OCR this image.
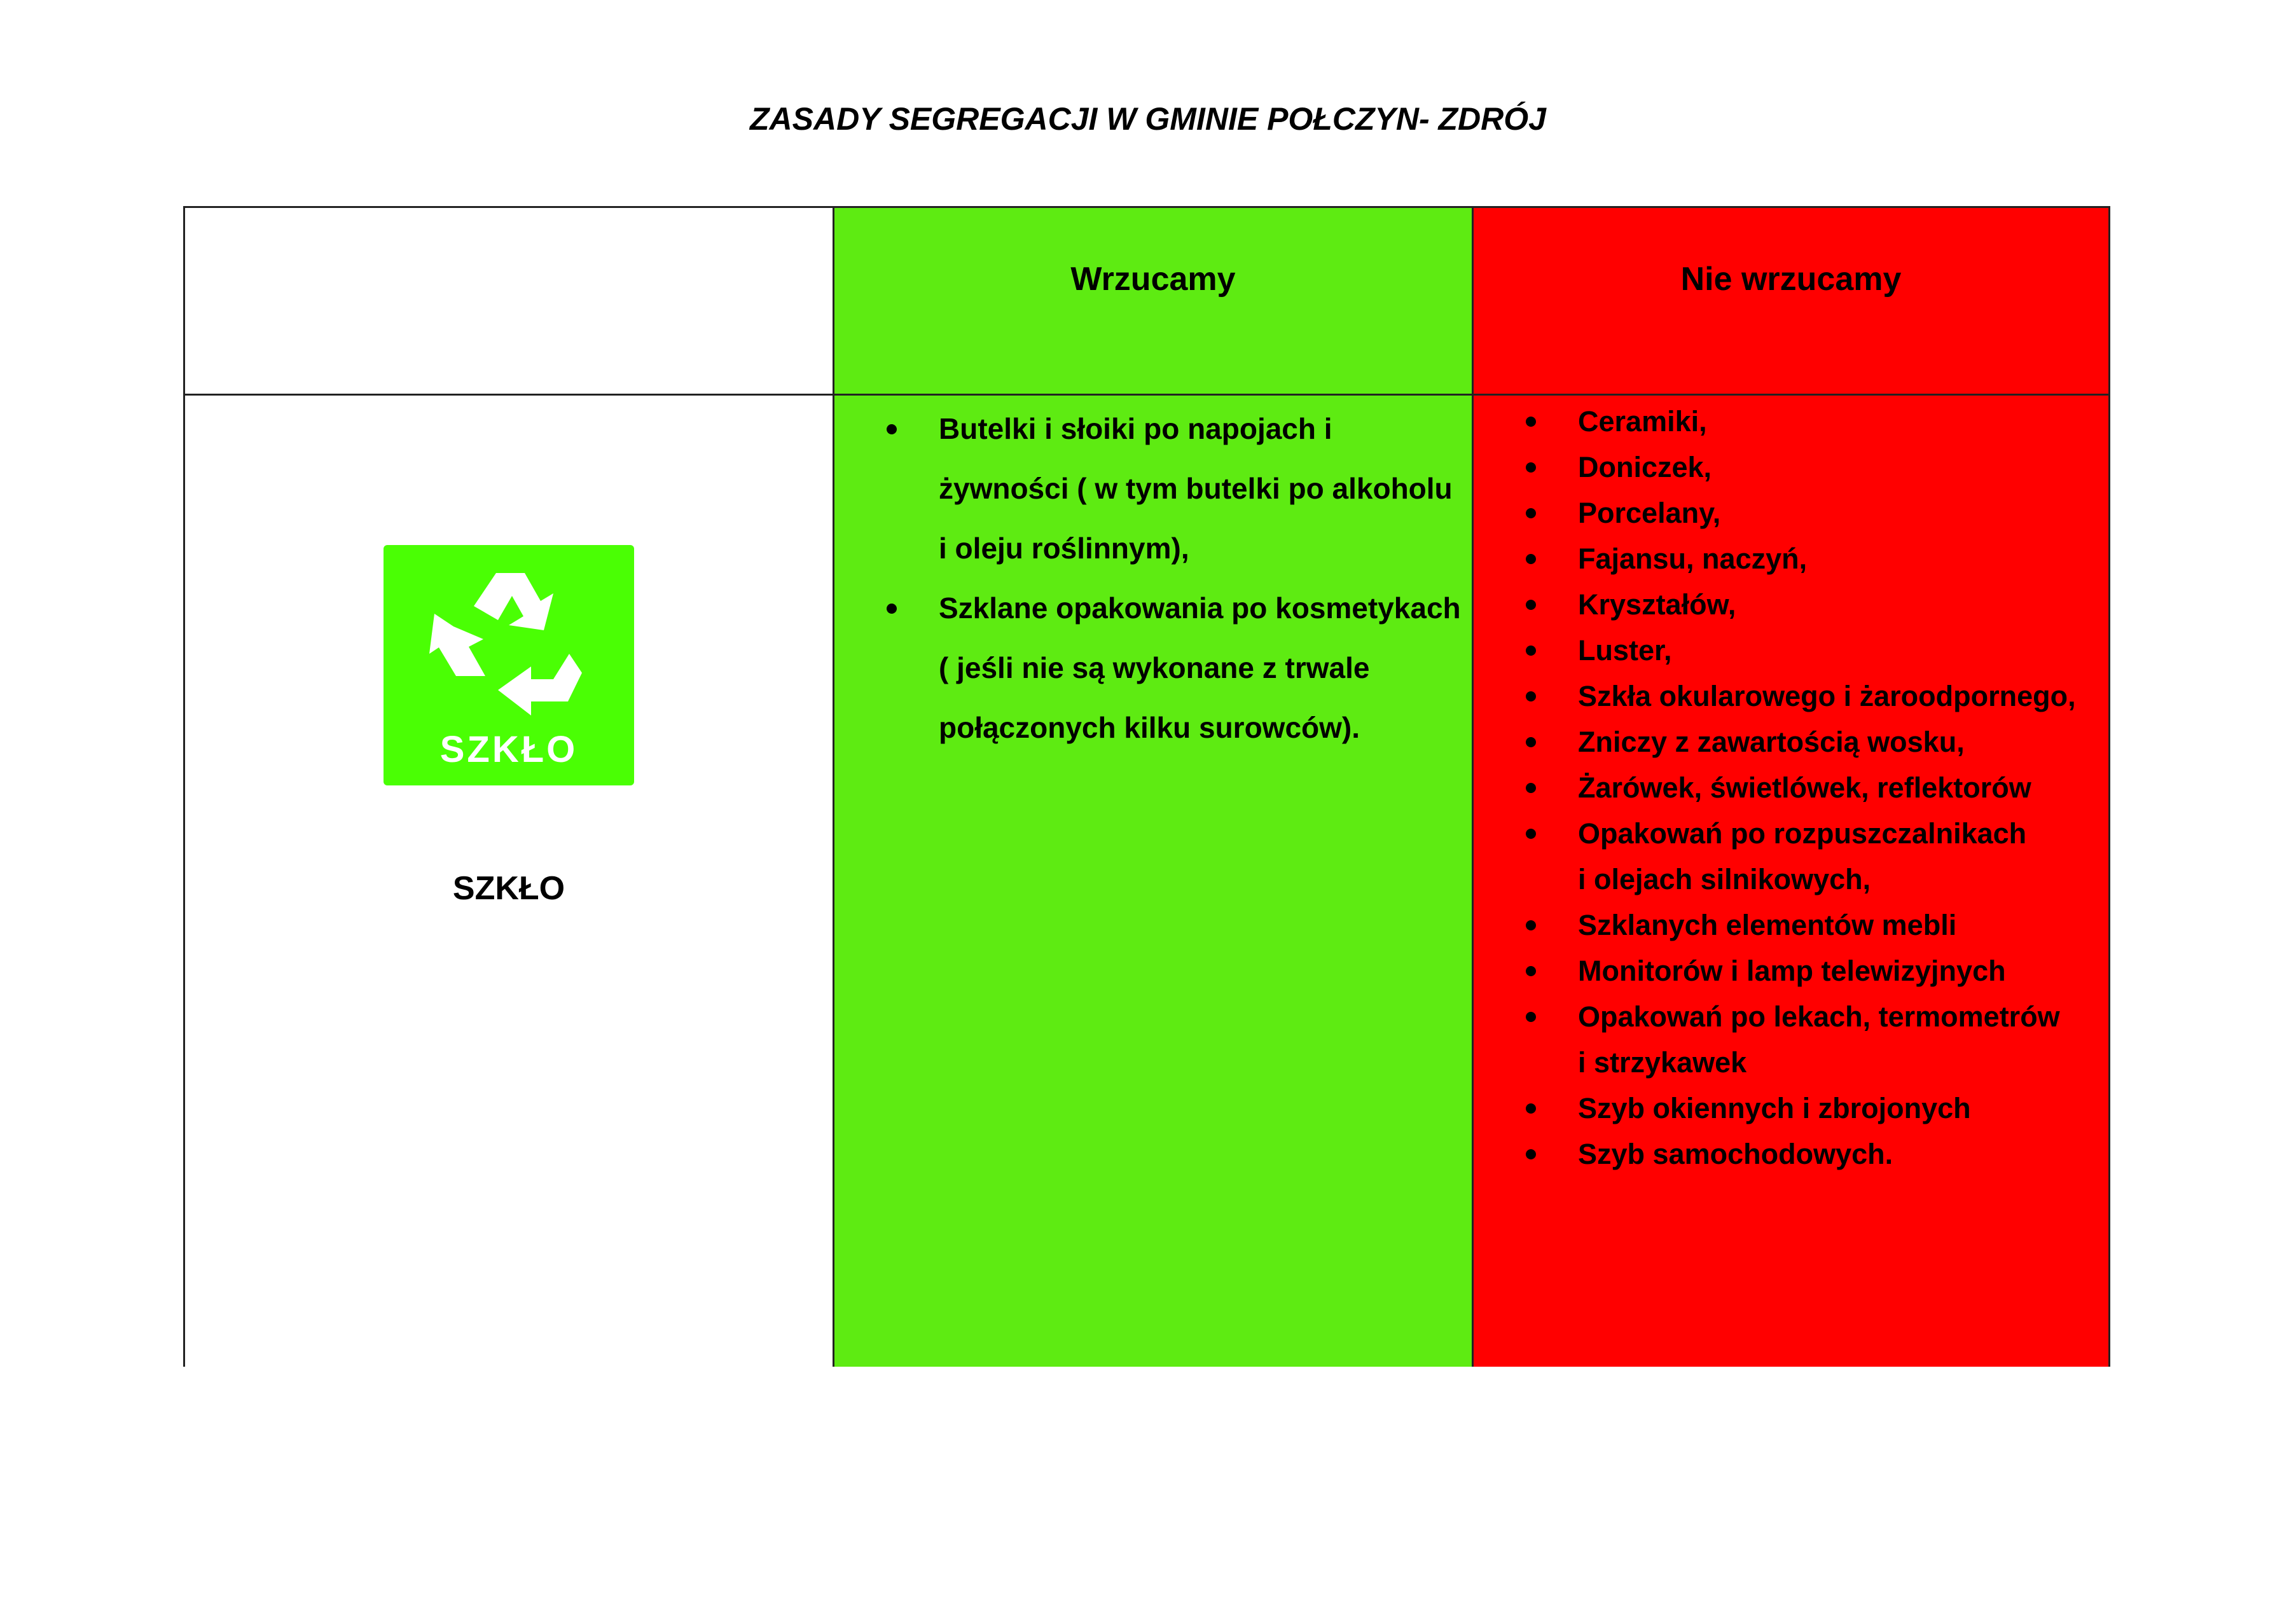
ZASADY SEGREGACJI W GMINIE POŁCZYN- ZDRÓJ
SZKŁO
SZKŁO
Wrzucamy
Butelki i słoiki po napojach i
żywności ( w tym butelki po alkoholu
i oleju roślinnym),
Szklane opakowania po kosmetykach
( jeśli nie są wykonane z trwale
połączonych kilku surowców).
Nie wrzucamy
Ceramiki,
Doniczek,
Porcelany,
Fajansu, naczyń,
Kryształów,
Luster,
Szkła okularowego i żaroodpornego,
Zniczy z zawartością wosku,
Żarówek, świetlówek, reflektorów
Opakowań po rozpuszczalnikach
i olejach silnikowych,
Szklanych elementów mebli
Monitorów i lamp telewizyjnych
Opakowań po lekach, termometrów
i strzykawek
Szyb okiennych i zbrojonych
Szyb samochodowych.
